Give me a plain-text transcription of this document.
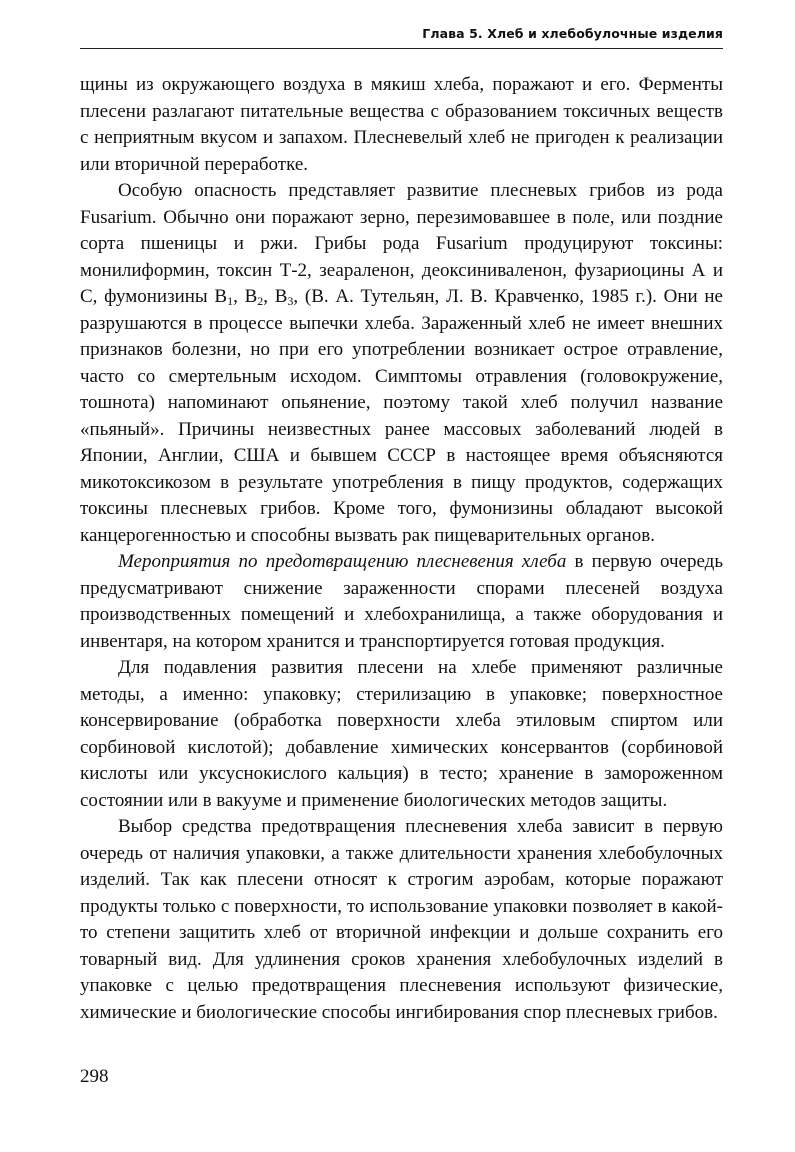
Глава 5. Хлеб и хлебобулочные изделия

щины из окружающего воздуха в мякиш хлеба, поражают и его. Ферменты плесени разлагают питательные вещества с образованием токсичных веществ с неприятным вкусом и запахом. Плесневелый хлеб не пригоден к реализации или вторичной переработке.

Особую опасность представляет развитие плесневых грибов из рода Fusarium. Обычно они поражают зерно, перезимовавшее в поле, или поздние сорта пшеницы и ржи. Грибы рода Fusarium продуцируют токсины: монилиформин, токсин Т-2, зеараленон, деоксиниваленон, фузариоцины А и С, фумонизины $В_1$, $В_2$, $В_3$, (В. А. Тутельян, Л. В. Кравченко, 1985 г.). Они не разрушаются в процессе выпечки хлеба. Зараженный хлеб не имеет внешних признаков болезни, но при его употреблении возникает острое отравление, часто со смертельным исходом. Симптомы отравления (головокружение, тошнота) напоминают опьянение, поэтому такой хлеб получил название «пьяный». Причины неизвестных ранее массовых заболеваний людей в Японии, Англии, США и бывшем СССР в настоящее время объясняются микотоксикозом в результате употребления в пищу продуктов, содержащих токсины плесневых грибов. Кроме того, фумонизины обладают высокой канцерогенностью и способны вызвать рак пищеварительных органов.

Мероприятия по предотвращению плесневения хлеба в первую очередь предусматривают снижение зараженности спорами плесеней воздуха производственных помещений и хлебохранилища, а также оборудования и инвентаря, на котором хранится и транспортируется готовая продукция.

Для подавления развития плесени на хлебе применяют различные методы, а именно: упаковку; стерилизацию в упаковке; поверхностное консервирование (обработка поверхности хлеба этиловым спиртом или сорбиновой кислотой); добавление химических консервантов (сорбиновой кислоты или уксуснокислого кальция) в тесто; хранение в замороженном состоянии или в вакууме и применение биологических методов защиты.

Выбор средства предотвращения плесневения хлеба зависит в первую очередь от наличия упаковки, а также длительности хранения хлебобулочных изделий. Так как плесени относят к строгим аэробам, которые поражают продукты только с поверхности, то использование упаковки позволяет в какой-то степени защитить хлеб от вторичной инфекции и дольше сохранить его товарный вид. Для удлинения сроков хранения хлебобулочных изделий в упаковке с целью предотвращения плесневения используют физические, химические и биологические способы ингибирования спор плесневых грибов.

298
